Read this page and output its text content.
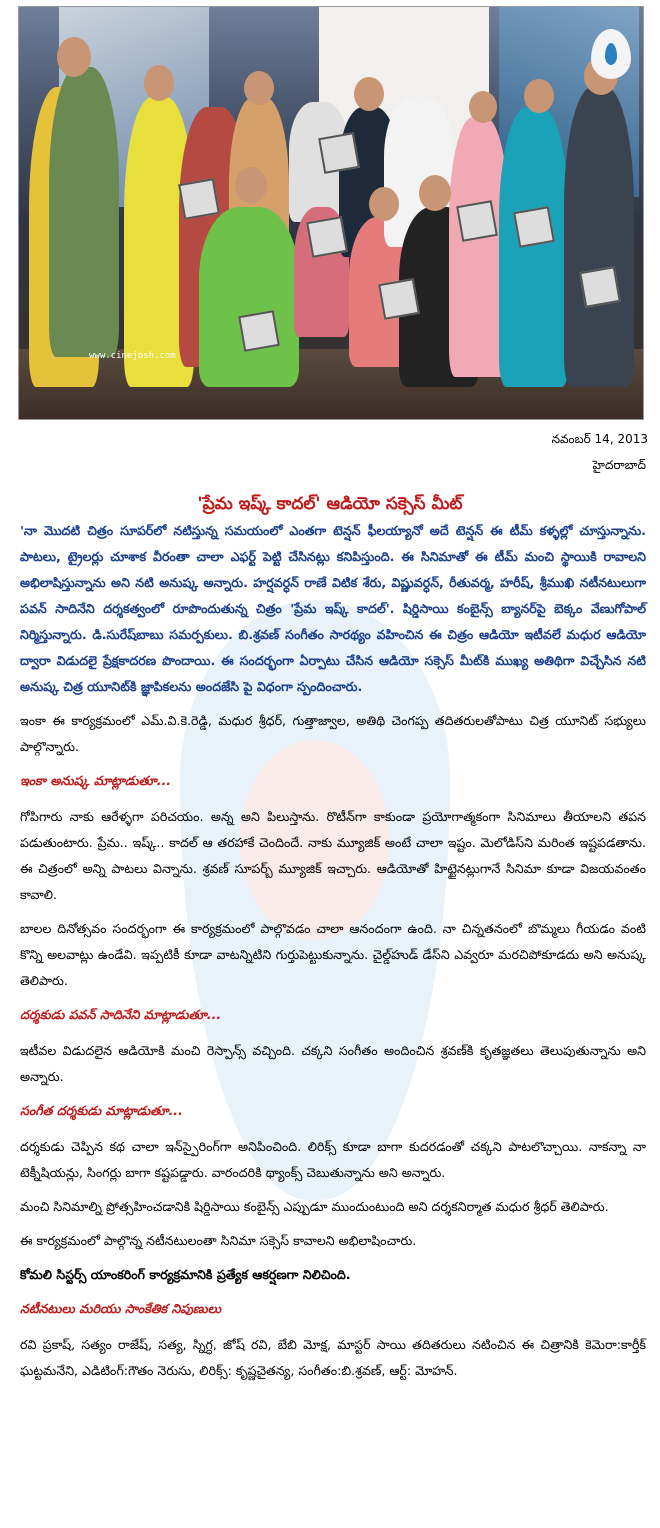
www.cinejosh.com
నవంబర్ 14, 2013
హైదరాబాద్
'ప్రేమ ఇష్క్ కాదల్' ఆడియో సక్సెస్ మీట్

'నా మొదటి చిత్రం సూపర్‌లో నటిస్తున్న సమయంలో ఎంతగా టెన్షన్ ఫీలయ్యానో అదే టెన్షన్ ఈ టీమ్ కళ్ళల్లో చూస్తున్నాను. పాటలు, ట్రైలర్లు చూశాక వీరంతా చాలా ఎఫర్ట్ పెట్టి చేసినట్లు కనిపిస్తుంది. ఈ సినిమాతో ఈ టీమ్ మంచి స్థాయికి రావాలని అభిలాషిస్తున్నాను అని నటి అనుష్క అన్నారు. హర్షవర్ధన్ రాణే విటిక శేరు, విష్ణువర్ధన్, రీతువర్మ, హరీష్, శ్రీముఖి నటీనటులుగా పవన్ సాదినేని దర్శకత్వంలో రూపొందుతున్న చిత్రం 'ప్రేమ ఇష్క్ కాదల్'. షిర్డిసాయి కంబైన్స్ బ్యానర్‌పై బెక్కం వేణుగోపాల్ నిర్మిస్తున్నారు. డి.సురేష్‌బాబు సమర్పకులు. బి.శ్రవణ్ సంగీతం సారథ్యం వహించిన ఈ చిత్రం ఆడియో ఇటీవలే మధుర ఆడియో ద్వారా విడుదలై ప్రేక్షకాదరణ పొందాయి. ఈ సందర్భంగా ఏర్పాటు చేసిన ఆడియో సక్సెస్ మీట్‌కి ముఖ్య అతిథిగా విచ్చేసిన నటి అనుష్క చిత్ర యూనిట్‌కి జ్ఞాపికలను అందజేసి పై విధంగా స్పందించారు.

ఇంకా ఈ కార్యక్రమంలో ఎమ్.వి.కె.రెడ్డి, మధుర శ్రీధర్, గుత్తాజ్వాల, అతిథి చెంగప్ప తదితరులతోపాటు చిత్ర యూనిట్ సభ్యులు పాల్గొన్నారు.

ఇంకా అనుష్క మాట్లాడుతూ...

గోపిగారు నాకు ఆరేళ్ళగా పరిచయం. అన్న అని పిలుస్తాను. రొటీన్‌గా కాకుండా ప్రయోగాత్మకంగా సినిమాలు తీయాలని తపన పడుతుంటారు. ప్రేమ.. ఇష్క్.. కాదల్ ఆ తరహాకే చెందిందే. నాకు మ్యూజిక్ అంటే చాలా ఇష్టం. మెలోడిస్‌ని మరింత ఇష్టపడతాను. ఈ చిత్రంలో అన్ని పాటలు విన్నాను. శ్రవణ్ సూపర్బ్ మ్యూజిక్ ఇచ్చారు. ఆడియోతో హిట్టైనట్లుగానే సినిమా కూడా విజయవంతం కావాలి.

బాలల దినోత్సవం సందర్భంగా ఈ కార్యక్రమంలో పాల్గొవడం చాలా ఆనందంగా ఉంది. నా చిన్నతనంలో బొమ్మలు గీయడం వంటి కొన్ని అలవాట్లు ఉండేవి. ఇప్పటికీ కూడా వాటన్నిటిని గుర్తుపెట్టుకున్నాను. చైల్డ్‌హుడ్ డేస్‌ని ఎవ్వరూ మరచిపోకూడదు అని అనుష్క తెలిపారు.

దర్శకుడు పవన్ సాదినేని మాట్లాడుతూ...

ఇటీవల విడుదలైన ఆడియోకి మంచి రెస్పాన్స్ వచ్చింది. చక్కని సంగీతం అందించిన శ్రవణ్‌కి కృతజ్ఞతలు తెలుపుతున్నాను అని అన్నారు.

సంగీత దర్శకుడు మాట్లాడుతూ...

దర్శకుడు చెప్పిన కథ చాలా ఇన్‌స్పైరింగ్‌గా అనిపించింది. లిరిక్స్ కూడా బాగా కుదరడంతో చక్కని పాటలొచ్చాయి. నాకన్నా నా టెక్నీషియన్లు, సింగర్లు బాగా కష్టపడ్డారు. వారందరికి థ్యాంక్స్ చెబుతున్నాను అని అన్నారు.

మంచి సినిమాల్ని ప్రోత్సహించడానికి షిర్డిసాయి కంబైన్స్ ఎప్పుడూ ముందుంటుంది అని దర్శకనిర్మాత మధుర శ్రీధర్ తెలిపారు.

ఈ కార్యక్రమంలో పాల్గొన్న నటీనటులంతా సినిమా సక్సెస్ కావాలని అభిలాషించారు.

కోమలి సిస్టర్స్ యాంకరింగ్ కార్యక్రమానికి ప్రత్యేక ఆకర్షణగా నిలిచింది.

నటీనటులు మరియు సాంకేతిక నిపుణులు

రవి ప్రకాష్, సత్యం రాజేష్, సత్య, స్నిగ్ధ, జోష్ రవి, బేబి మోక్ష, మాస్టర్ సాయి తదితరులు నటించిన ఈ చిత్రానికి కెమెరా:కార్తీక్ ఘట్టమనేని, ఎడిటింగ్:గౌతం నెరుసు, లిరిక్స్: కృష్ణచైతన్య, సంగీతం:బి.శ్రవణ్, ఆర్ట్: మోహన్.
